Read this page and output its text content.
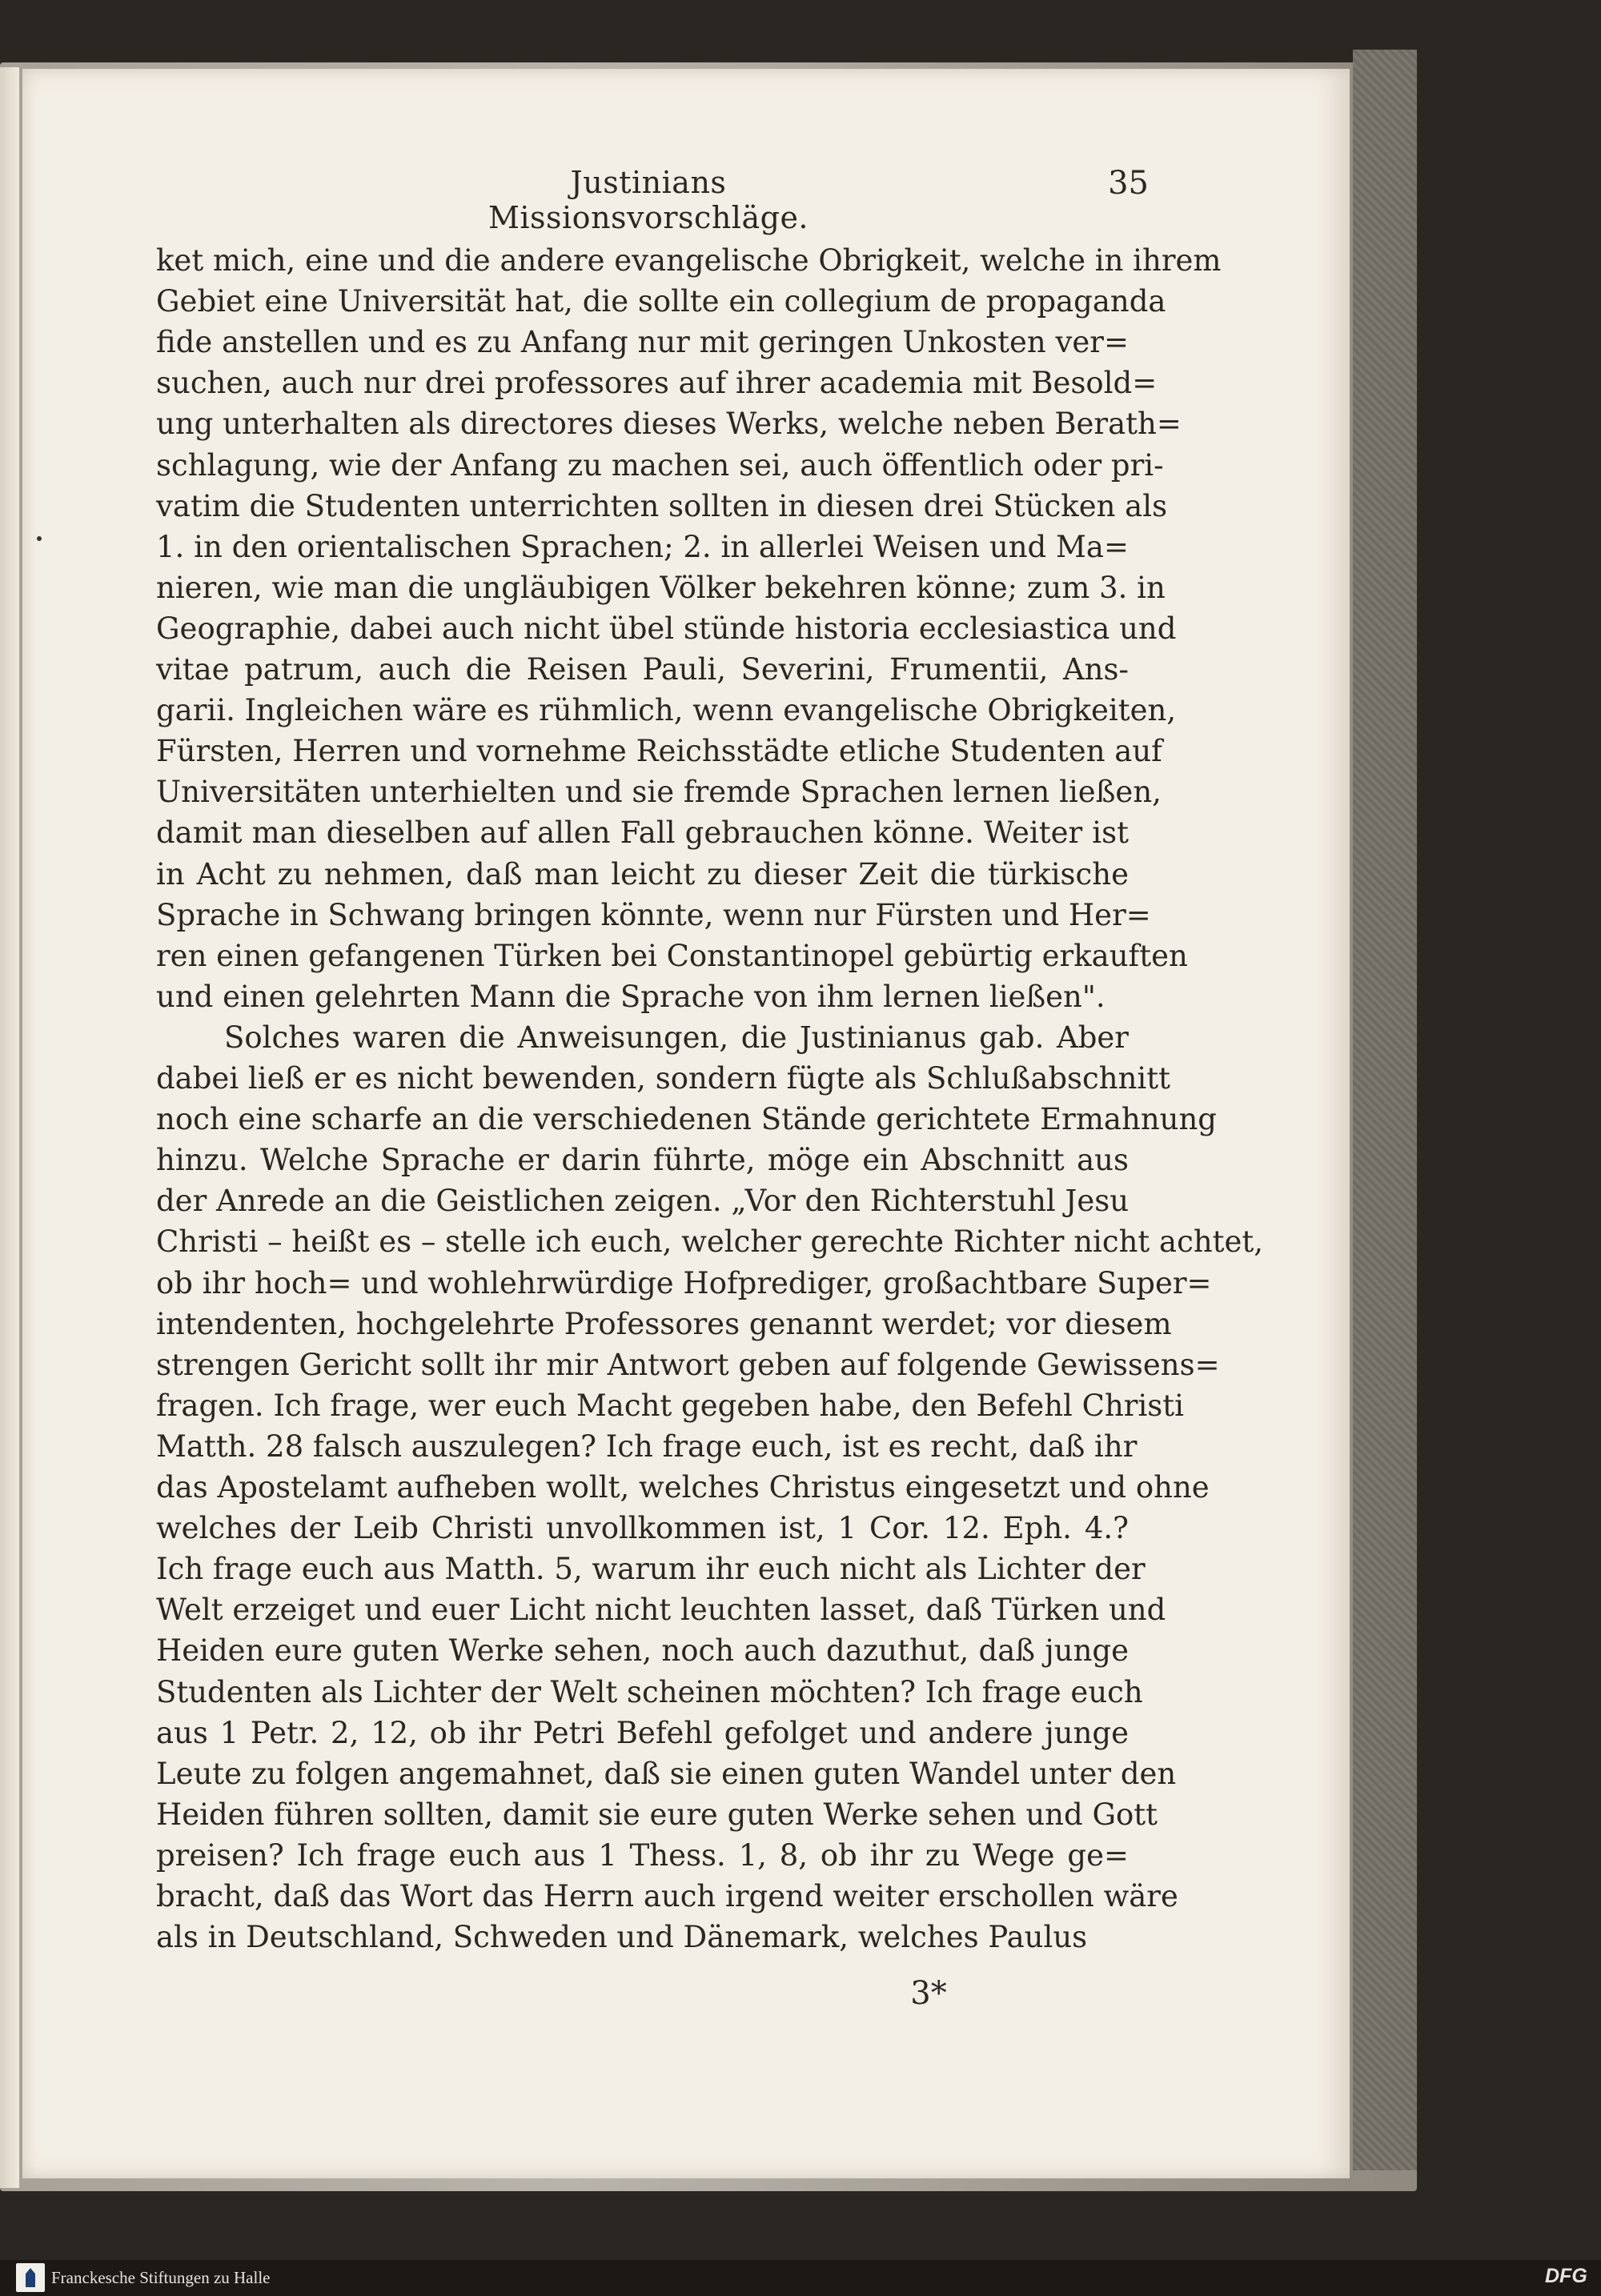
Justinians Missionsvorschläge.
35
ket mich, eine und die andere evangelische Obrigkeit, welche in ihrem
Gebiet eine Universität hat, die sollte ein collegium de propaganda
fide anstellen und es zu Anfang nur mit geringen Unkosten ver=
suchen, auch nur drei professores auf ihrer academia mit Besold=
ung unterhalten als directores dieses Werks, welche neben Berath=
schlagung, wie der Anfang zu machen sei, auch öffentlich oder pri-
vatim die Studenten unterrichten sollten in diesen drei Stücken als
1. in den orientalischen Sprachen; 2. in allerlei Weisen und Ma=
nieren, wie man die ungläubigen Völker bekehren könne; zum 3. in
Geographie, dabei auch nicht übel stünde historia ecclesiastica und
vitae patrum, auch die Reisen Pauli, Severini, Frumentii, Ans-
garii. Ingleichen wäre es rühmlich, wenn evangelische Obrigkeiten,
Fürsten, Herren und vornehme Reichsstädte etliche Studenten auf
Universitäten unterhielten und sie fremde Sprachen lernen ließen,
damit man dieselben auf allen Fall gebrauchen könne. Weiter ist
in Acht zu nehmen, daß man leicht zu dieser Zeit die türkische
Sprache in Schwang bringen könnte, wenn nur Fürsten und Her=
ren einen gefangenen Türken bei Constantinopel gebürtig erkauften
und einen gelehrten Mann die Sprache von ihm lernen ließen".
Solches waren die Anweisungen, die Justinianus gab. Aber
dabei ließ er es nicht bewenden, sondern fügte als Schlußabschnitt
noch eine scharfe an die verschiedenen Stände gerichtete Ermahnung
hinzu. Welche Sprache er darin führte, möge ein Abschnitt aus
der Anrede an die Geistlichen zeigen. „Vor den Richterstuhl Jesu
Christi – heißt es – stelle ich euch, welcher gerechte Richter nicht achtet,
ob ihr hoch= und wohlehrwürdige Hofprediger, großachtbare Super=
intendenten, hochgelehrte Professores genannt werdet; vor diesem
strengen Gericht sollt ihr mir Antwort geben auf folgende Gewissens=
fragen. Ich frage, wer euch Macht gegeben habe, den Befehl Christi
Matth. 28 falsch auszulegen? Ich frage euch, ist es recht, daß ihr
das Apostelamt aufheben wollt, welches Christus eingesetzt und ohne
welches der Leib Christi unvollkommen ist, 1 Cor. 12. Eph. 4.?
Ich frage euch aus Matth. 5, warum ihr euch nicht als Lichter der
Welt erzeiget und euer Licht nicht leuchten lasset, daß Türken und
Heiden eure guten Werke sehen, noch auch dazuthut, daß junge
Studenten als Lichter der Welt scheinen möchten? Ich frage euch
aus 1 Petr. 2, 12, ob ihr Petri Befehl gefolget und andere junge
Leute zu folgen angemahnet, daß sie einen guten Wandel unter den
Heiden führen sollten, damit sie eure guten Werke sehen und Gott
preisen? Ich frage euch aus 1 Thess. 1, 8, ob ihr zu Wege ge=
bracht, daß das Wort das Herrn auch irgend weiter erschollen wäre
als in Deutschland, Schweden und Dänemark, welches Paulus
3*
Franckesche Stiftungen zu Halle	DFG
